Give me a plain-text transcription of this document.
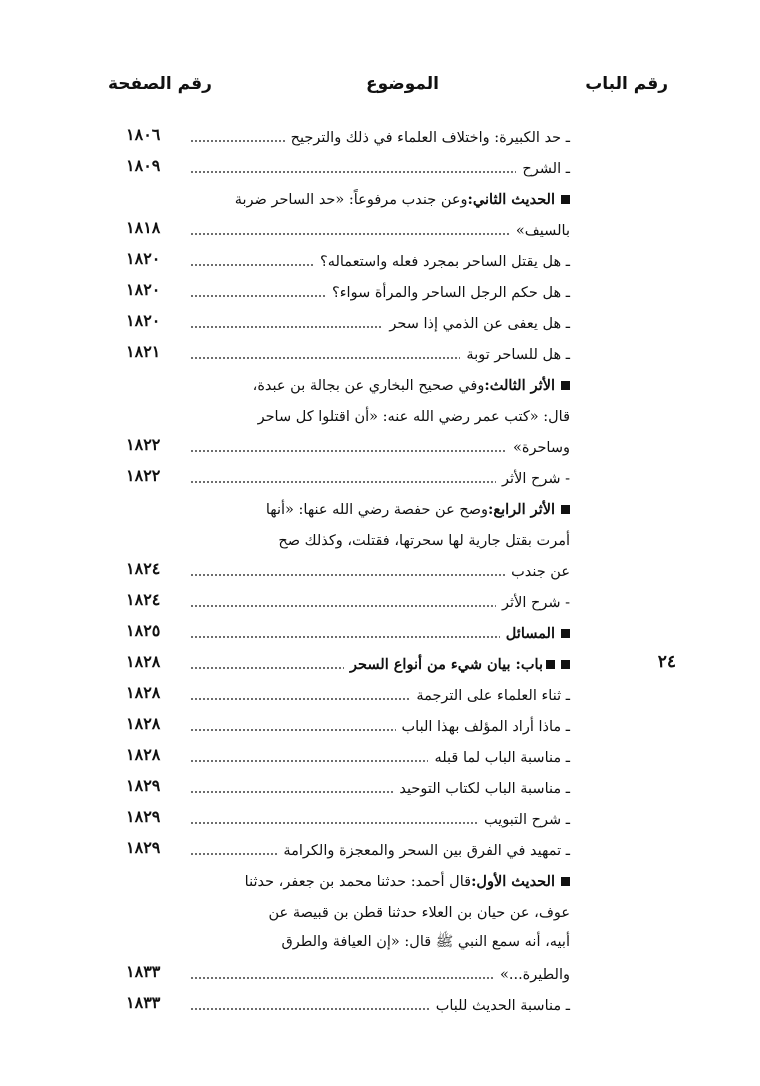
رقم الباب
الموضوع
رقم الصفحة
ـ حد الكبيرة: واختلاف العلماء في ذلك والترجيح
١٨٠٦
ـ الشرح
١٨٠٩
الحديث الثاني:
وعن جندب مرفوعاً: «حد الساحر ضربة
بالسيف»
١٨١٨
ـ هل يقتل الساحر بمجرد فعله واستعماله؟
١٨٢٠
ـ هل حكم الرجل الساحر والمرأة سواء؟
١٨٢٠
ـ هل يعفى عن الذمي إذا سحر
١٨٢٠
ـ هل للساحر توبة
١٨٢١
الأثر الثالث:
وفي صحيح البخاري عن بجالة بن عبدة،
قال: «كتب عمر رضي الله عنه: «أن اقتلوا كل ساحر
وساحرة»
١٨٢٢
- شرح الأثر
١٨٢٢
الأثر الرابع:
وصح عن حفصة رضي الله عنها: «أنها
أمرت بقتل جارية لها سحرتها، فقتلت، وكذلك صح
عن جندب
١٨٢٤
- شرح الأثر
١٨٢٤
المسائل
١٨٢٥
٢٤
باب: بيان شيء من أنواع السحر
١٨٢٨
ـ ثناء العلماء على الترجمة
١٨٢٨
ـ ماذا أراد المؤلف بهذا الباب
١٨٢٨
ـ مناسبة الباب لما قبله
١٨٢٨
ـ مناسبة الباب لكتاب التوحيد
١٨٢٩
ـ شرح التبويب
١٨٢٩
ـ تمهيد في الفرق بين السحر والمعجزة والكرامة
١٨٢٩
الحديث الأول:
قال أحمد: حدثنا محمد بن جعفر، حدثنا
عوف، عن حيان بن العلاء حدثنا قطن بن قبيصة عن
أبيه، أنه سمع النبي ﷺ قال: «إن العيافة والطرق
والطيرة...»
١٨٣٣
ـ مناسبة الحديث للباب
١٨٣٣
